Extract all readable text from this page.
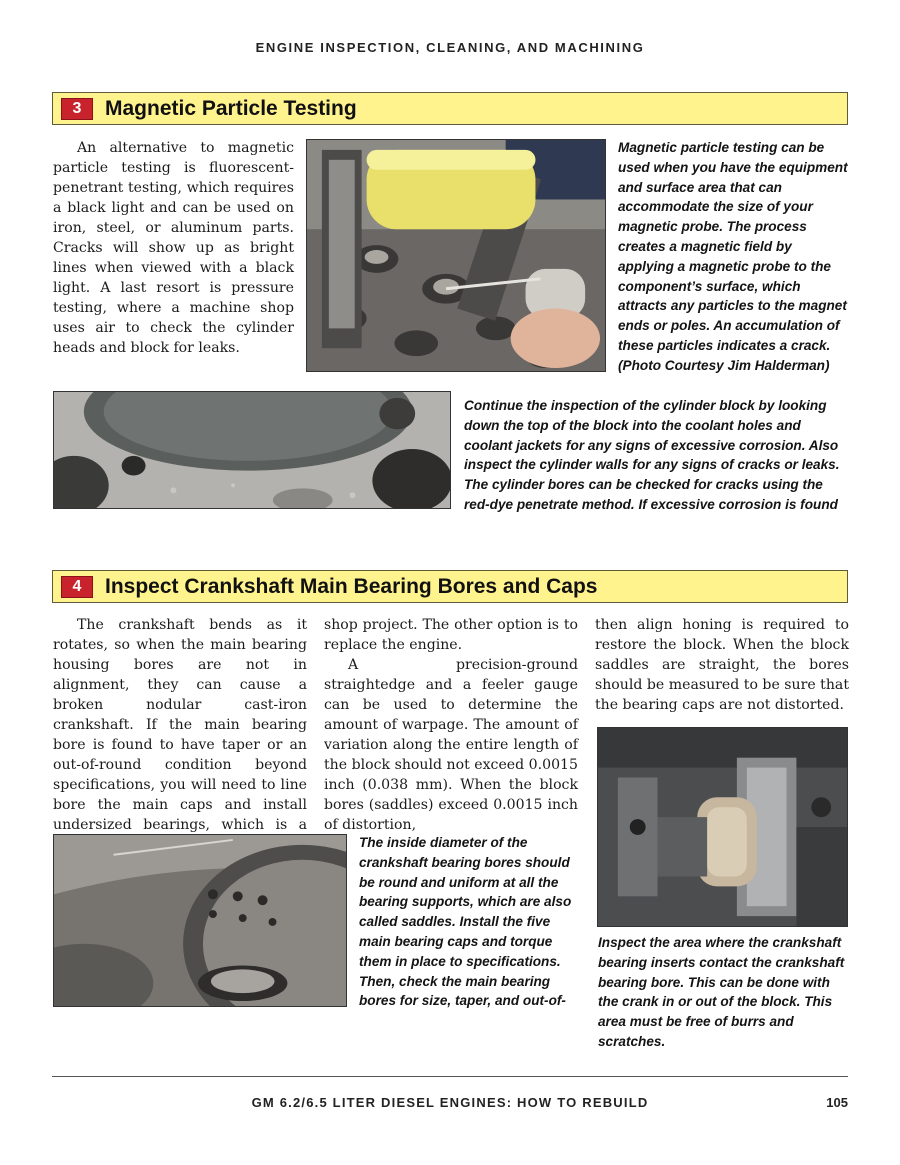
ENGINE INSPECTION, CLEANING, AND MACHINING
3	Magnetic Particle Testing

An alternative to magnetic particle testing is fluorescent-penetrant testing, which requires a black light and can be used on iron, steel, or aluminum parts. Cracks will show up as bright lines when viewed with a black light. A last resort is pressure testing, where a machine shop uses air to check the cylinder heads and block for leaks.

Magnetic particle testing can be used when you have the equipment and surface area that can accommodate the size of your magnetic probe. The process creates a magnetic field by applying a magnetic probe to the component’s surface, which attracts any particles to the magnet ends or poles. An accumulation of these particles indicates a crack. (Photo Courtesy Jim Halderman)
Continue the inspection of the cylinder block by looking down the top of the block into the coolant holes and coolant jackets for any signs of excessive corrosion. Also inspect the cylinder walls for any signs of cracks or leaks. The cylinder bores can be checked for cracks using the red-dye penetrate method. If excessive corrosion is found
4	Inspect Crankshaft Main Bearing Bores and Caps

The crankshaft bends as it rotates, so when the main bearing housing bores are not in alignment, they can cause a broken nodular cast-iron crankshaft. If the main bearing bore is found to have taper or an out-of-round condition beyond specifications, you will need to line bore the main caps and install undersized bearings, which is a

shop project. The other option is to replace the engine.

A precision-ground straightedge and a feeler gauge can be used to determine the amount of warpage. The amount of variation along the entire length of the block should not exceed 0.0015 inch (0.038 mm). When the block bores (saddles) exceed 0.0015 inch of distortion,

then align honing is required to restore the block. When the block saddles are straight, the bores should be measured to be sure that the bearing caps are not distorted.

The inside diameter of the crankshaft bearing bores should be round and uniform at all the bearing supports, which are also called saddles. Install the five main bearing caps and torque them in place to specifications. Then, check the main bearing bores for size, taper, and out-of-
Inspect the area where the crankshaft bearing inserts contact the crankshaft bearing bore. This can be done with the crank in or out of the block. This area must be free of burrs and scratches.
GM 6.2/6.5 LITER DIESEL ENGINES: HOW TO REBUILD	105
